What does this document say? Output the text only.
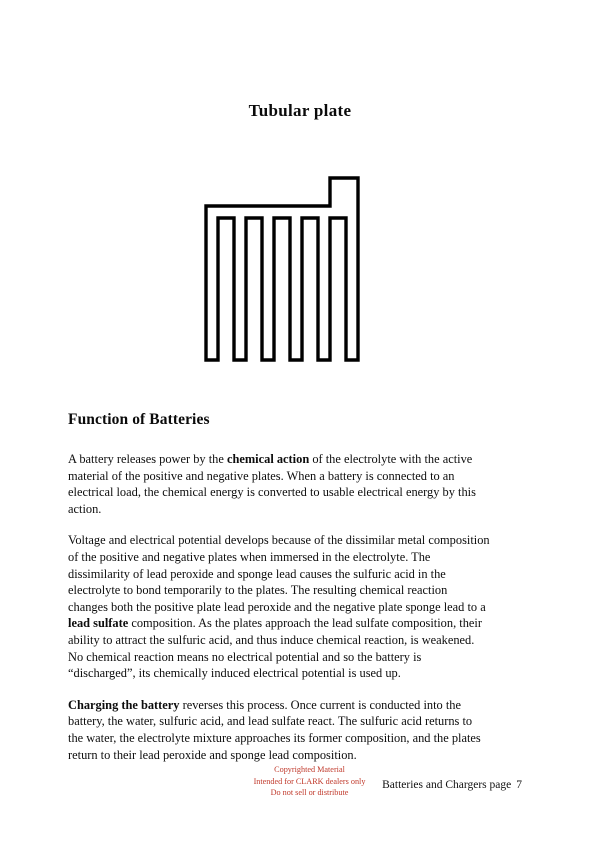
Tubular plate
Function of Batteries

A battery releases power by the chemical action of the electrolyte with the active material of the positive and negative plates. When a battery is connected to an electrical load, the chemical energy is converted to usable electrical energy by this action.

Voltage and electrical potential develops because of the dissimilar metal composition of the positive and negative plates when immersed in the electrolyte. The dissimilarity of lead peroxide and sponge lead causes the sulfuric acid in the electrolyte to bond temporarily to the plates. The resulting chemical reaction changes both the positive plate lead peroxide and the negative plate sponge lead to a lead sulfate composition. As the plates approach the lead sulfate composition, their ability to attract the sulfuric acid, and thus induce chemical reaction, is weakened. No chemical reaction means no electrical potential and so the battery is “discharged”, its chemically induced electrical potential is used up.

Charging the battery reverses this process. Once current is conducted into the battery, the water, sulfuric acid, and lead sulfate react. The sulfuric acid returns to the water, the electrolyte mixture approaches its former composition, and the plates return to their lead peroxide and sponge lead composition.

Copyrighted Material
Intended for CLARK dealers only
Do not sell or distribute
Batteries and Chargers page 7
